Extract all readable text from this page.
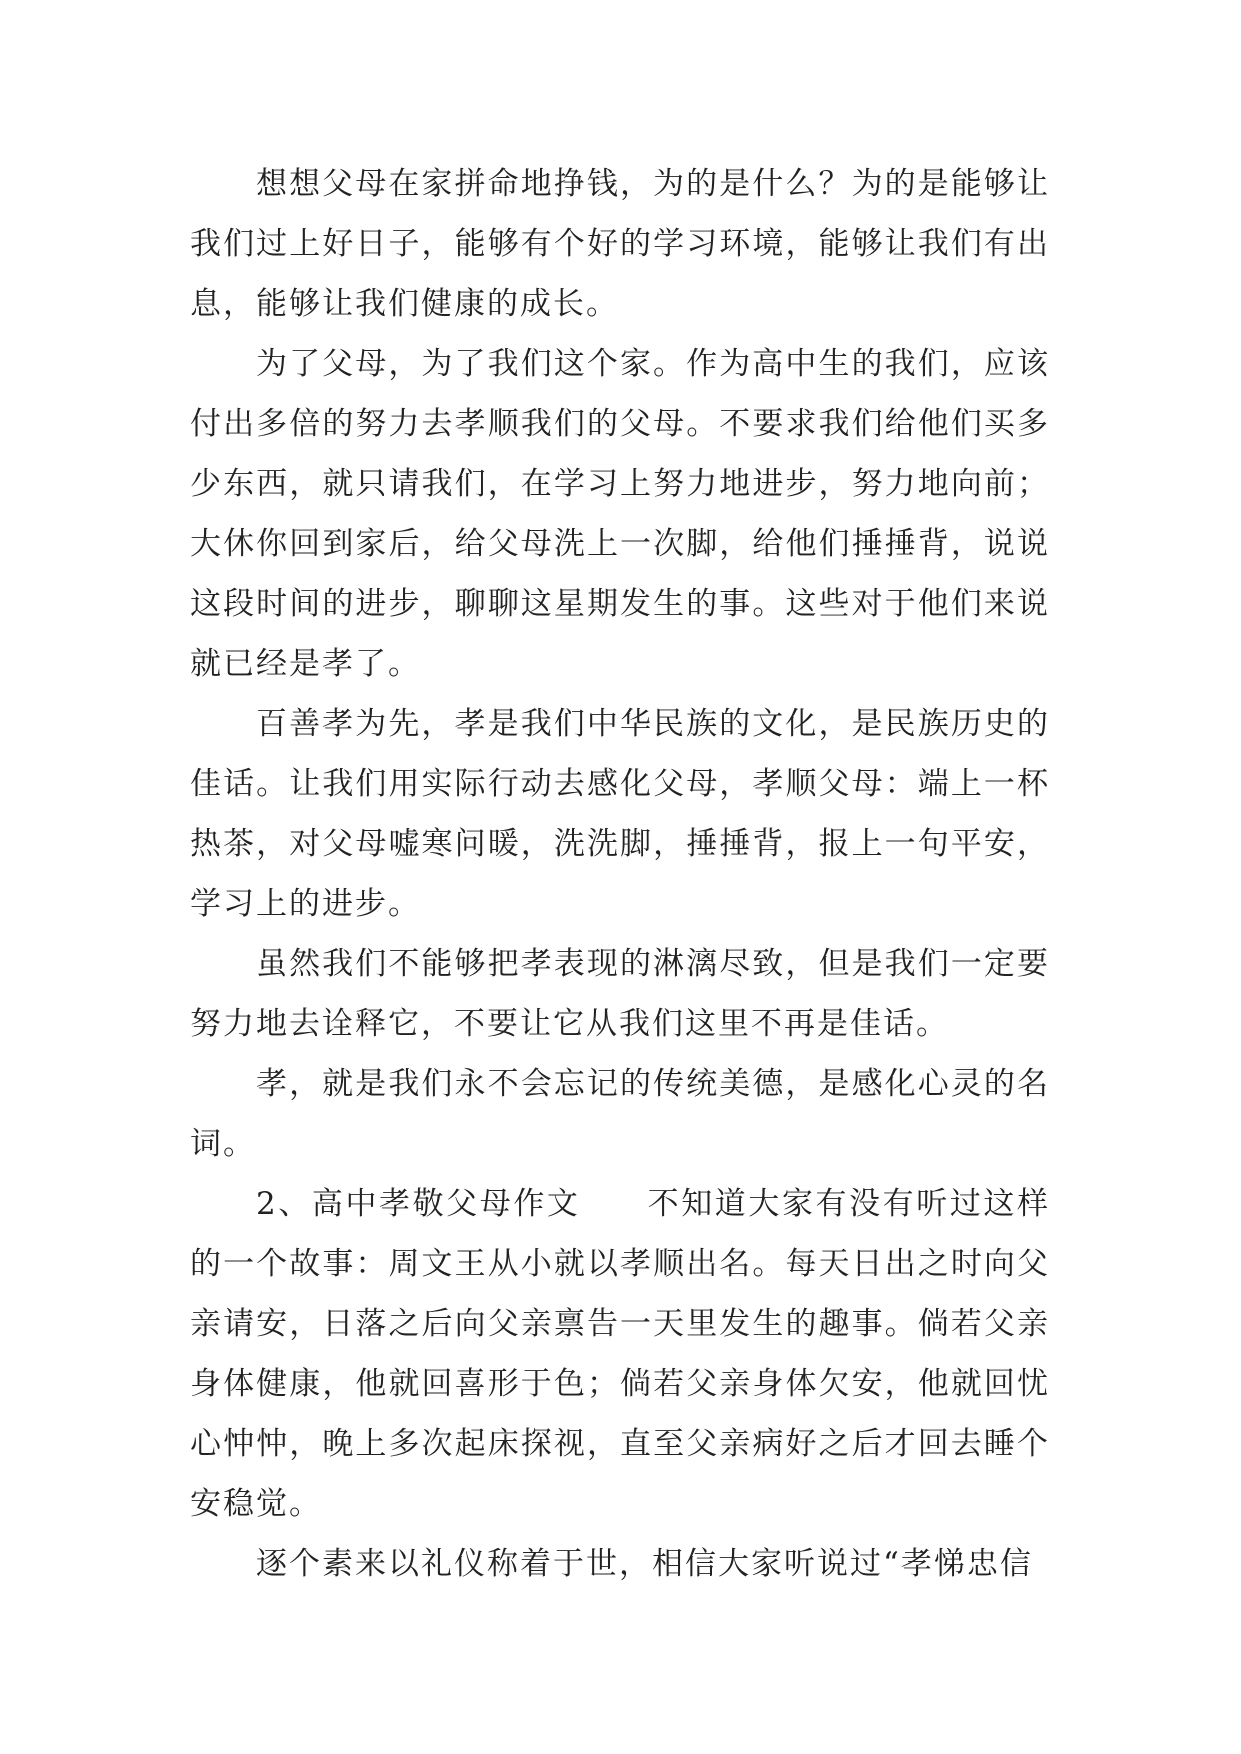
想想父母在家拼命地挣钱，为的是什么？为的是能够让我们过上好日子，能够有个好的学习环境，能够让我们有出息，能够让我们健康的成长。

为了父母，为了我们这个家。作为高中生的我们，应该付出多倍的努力去孝顺我们的父母。不要求我们给他们买多少东西，就只请我们，在学习上努力地进步，努力地向前；大休你回到家后，给父母洗上一次脚，给他们捶捶背，说说这段时间的进步，聊聊这星期发生的事。这些对于他们来说就已经是孝了。

百善孝为先，孝是我们中华民族的文化，是民族历史的佳话。让我们用实际行动去感化父母，孝顺父母：端上一杯热茶，对父母嘘寒问暖，洗洗脚，捶捶背，报上一句平安，学习上的进步。

虽然我们不能够把孝表现的淋漓尽致，但是我们一定要努力地去诠释它，不要让它从我们这里不再是佳话。

孝，就是我们永不会忘记的传统美德，是感化心灵的名词。

2、高中孝敬父母作文　　不知道大家有没有听过这样的一个故事：周文王从小就以孝顺出名。每天日出之时向父亲请安，日落之后向父亲禀告一天里发生的趣事。倘若父亲身体健康，他就回喜形于色；倘若父亲身体欠安，他就回忧心忡忡，晚上多次起床探视，直至父亲病好之后才回去睡个安稳觉。

逐个素来以礼仪称着于世，相信大家听说过“孝悌忠信
